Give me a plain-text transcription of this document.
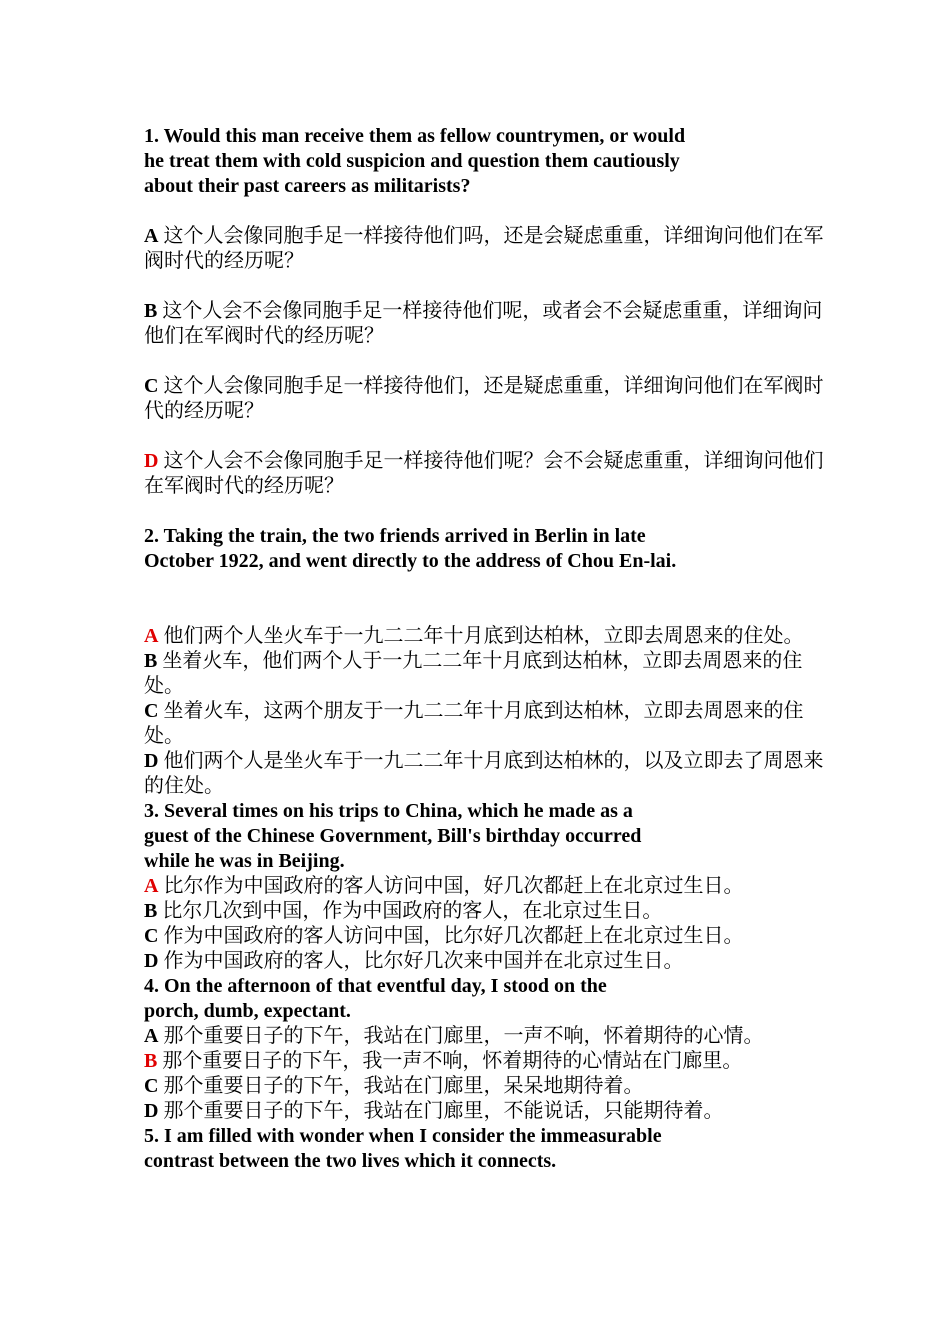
1. Would this man receive them as fellow countrymen, or would

he treat them with cold suspicion and question them cautiously

about their past careers as militarists?

A 这个人会像同胞手足一样接待他们吗，还是会疑虑重重，详细询问他们在军阀时代的经历呢？

B 这个人会不会像同胞手足一样接待他们呢，或者会不会疑虑重重，详细询问他们在军阀时代的经历呢？

C 这个人会像同胞手足一样接待他们，还是疑虑重重，详细询问他们在军阀时代的经历呢？

D 这个人会不会像同胞手足一样接待他们呢？会不会疑虑重重，详细询问他们在军阀时代的经历呢？

2. Taking the train, the two friends arrived in Berlin in late

October 1922, and went directly to the address of Chou En-lai.

A 他们两个人坐火车于一九二二年十月底到达柏林，立即去周恩来的住处。

B 坐着火车，他们两个人于一九二二年十月底到达柏林，立即去周恩来的住处。

C 坐着火车，这两个朋友于一九二二年十月底到达柏林，立即去周恩来的住处。

D 他们两个人是坐火车于一九二二年十月底到达柏林的，以及立即去了周恩来的住处。

3. Several times on his trips to China, which he made as a

guest of the Chinese Government, Bill's birthday occurred

while he was in Beijing.

A 比尔作为中国政府的客人访问中国，好几次都赶上在北京过生日。

B 比尔几次到中国，作为中国政府的客人，在北京过生日。

C 作为中国政府的客人访问中国，比尔好几次都赶上在北京过生日。

D 作为中国政府的客人，比尔好几次来中国并在北京过生日。

4. On the afternoon of that eventful day, I stood on the

porch, dumb, expectant.

A 那个重要日子的下午，我站在门廊里，一声不响，怀着期待的心情。

B 那个重要日子的下午，我一声不响，怀着期待的心情站在门廊里。

C 那个重要日子的下午，我站在门廊里，呆呆地期待着。

D 那个重要日子的下午，我站在门廊里，不能说话，只能期待着。

5. I am filled with wonder when I consider the immeasurable

contrast between the two lives which it connects.
